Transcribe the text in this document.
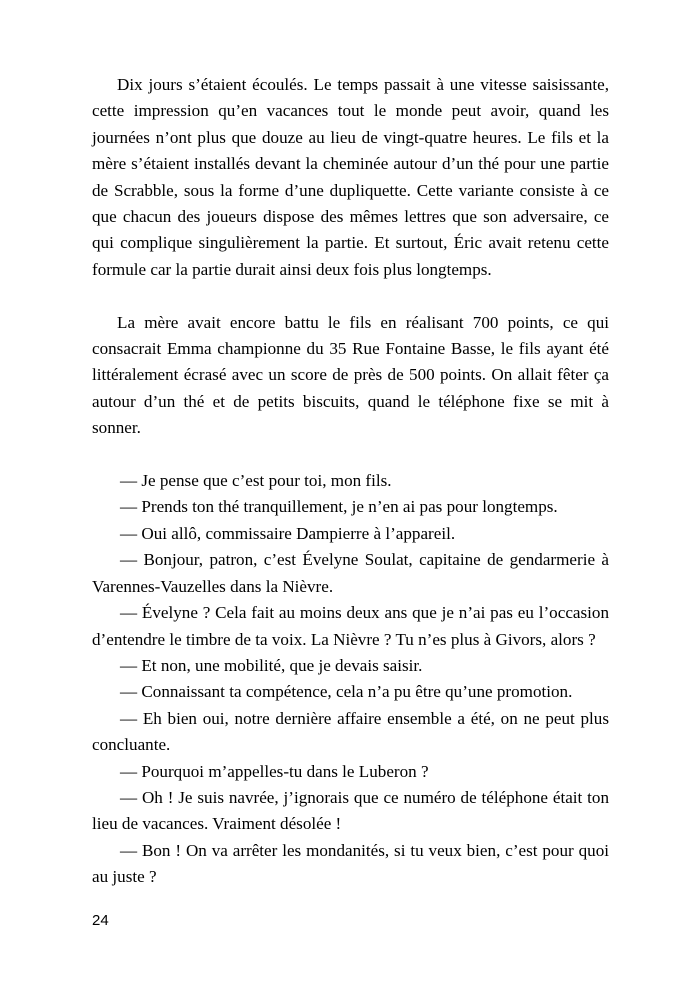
Dix jours s’étaient écoulés. Le temps passait à une vitesse saisissante, cette impression qu’en vacances tout le monde peut avoir, quand les journées n’ont plus que douze au lieu de vingt-quatre heures. Le fils et la mère s’étaient installés devant la cheminée autour d’un thé pour une partie de Scrabble, sous la forme d’une dupliquette. Cette variante consiste à ce que chacun des joueurs dispose des mêmes lettres que son adversaire, ce qui complique singulièrement la partie. Et surtout, Éric avait retenu cette formule car la partie durait ainsi deux fois plus longtemps.

La mère avait encore battu le fils en réalisant 700 points, ce qui consacrait Emma championne du 35 Rue Fontaine Basse, le fils ayant été littéralement écrasé avec un score de près de 500 points. On allait fêter ça autour d’un thé et de petits biscuits, quand le téléphone fixe se mit à sonner.

— Je pense que c’est pour toi, mon fils.

— Prends ton thé tranquillement, je n’en ai pas pour longtemps.

— Oui allô, commissaire Dampierre à l’appareil.

— Bonjour, patron, c’est Évelyne Soulat, capitaine de gendarmerie à Varennes-Vauzelles dans la Nièvre.

— Évelyne ? Cela fait au moins deux ans que je n’ai pas eu l’occasion d’entendre le timbre de ta voix. La Nièvre ? Tu n’es plus à Givors, alors ?

— Et non, une mobilité, que je devais saisir.

— Connaissant ta compétence, cela n’a pu être qu’une promotion.

— Eh bien oui, notre dernière affaire ensemble a été, on ne peut plus concluante.

— Pourquoi m’appelles-tu dans le Luberon ?

— Oh ! Je suis navrée, j’ignorais que ce numéro de téléphone était ton lieu de vacances. Vraiment désolée !

— Bon ! On va arrêter les mondanités, si tu veux bien, c’est pour quoi au juste ?

24
